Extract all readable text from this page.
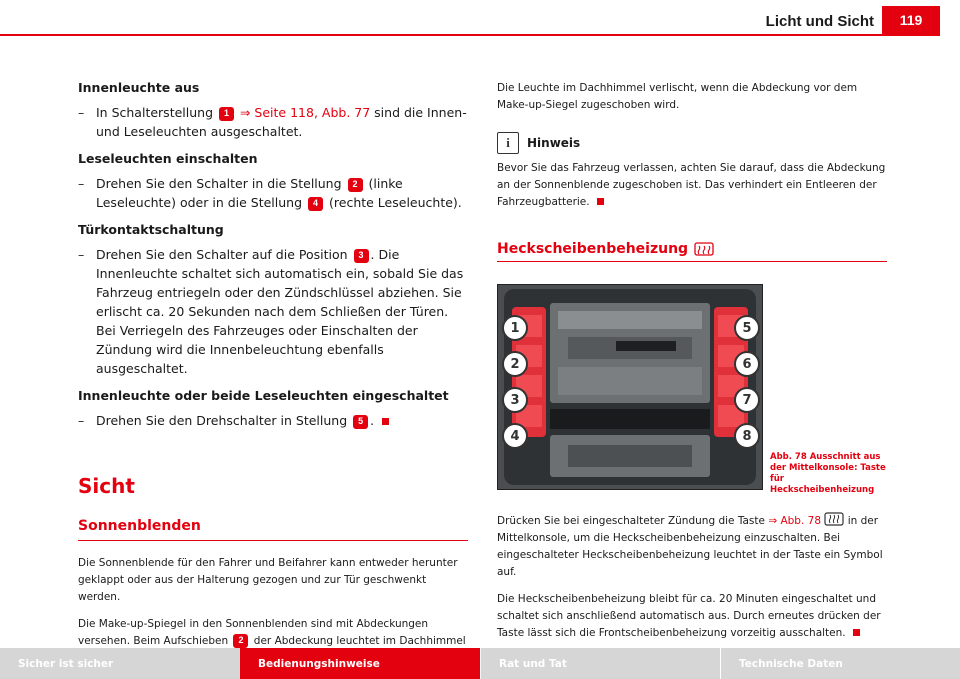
Licht und Sicht	119

Innenleuchte aus

– In Schalterstellung 1 ⇒ Seite 118, Abb. 77 sind die Innen- und Leseleuchten ausgeschaltet.

Leseleuchten einschalten

– Drehen Sie den Schalter in die Stellung 2 (linke Leseleuchte) oder in die Stellung 4 (rechte Leseleuchte).

Türkontaktschaltung

– Drehen Sie den Schalter auf die Position 3 . Die Innenleuchte schaltet sich automatisch ein, sobald Sie das Fahrzeug entriegeln oder den Zündschlüssel abziehen. Sie erlischt ca. 20 Sekunden nach dem Schließen der Türen. Bei Verriegeln des Fahrzeuges oder Einschalten der Zündung wird die Innenbeleuchtung ebenfalls ausgeschaltet.

Innenleuchte oder beide Leseleuchten eingeschaltet

– Drehen Sie den Drehschalter in Stellung 5 .

Sicht

Sonnenblenden

Die Sonnenblende für den Fahrer und Beifahrer kann entweder herunter geklappt oder aus der Halterung gezogen und zur Tür geschwenkt werden.

Die Make-up-Spiegel in den Sonnenblenden sind mit Abdeckungen versehen. Beim Aufschieben 2 der Abdeckung leuchtet im Dachhimmel

Die Leuchte im Dachhimmel verlischt, wenn die Abdeckung vor dem Make-up-Siegel zugeschoben wird.

i	Hinweis

Bevor Sie das Fahrzeug verlassen, achten Sie darauf, dass die Abdeckung an der Sonnenblende zugeschoben ist. Das verhindert ein Entleeren der Fahrzeugbatterie.

Heckscheibenbeheizung

1
2
3
4
5
6
7
8
Abb. 78 Ausschnitt aus der Mittelkonsole: Taste für Heckscheibenheizung

Drücken Sie bei eingeschalteter Zündung die Taste ⇒ Abb. 78	in der Mittelkonsole, um die Heckscheibenbeheizung einzuschalten. Bei eingeschalteter Heckscheibenbeheizung leuchtet in der Taste ein Symbol auf.

Die Heckscheibenbeheizung bleibt für ca. 20 Minuten eingeschaltet und schaltet sich anschließend automatisch aus. Durch erneutes drücken der Taste lässt sich die Frontscheibenbeheizung vorzeitig ausschalten.

Sicher ist sicher	Bedienungshinweise	Rat und Tat	Technische Daten
